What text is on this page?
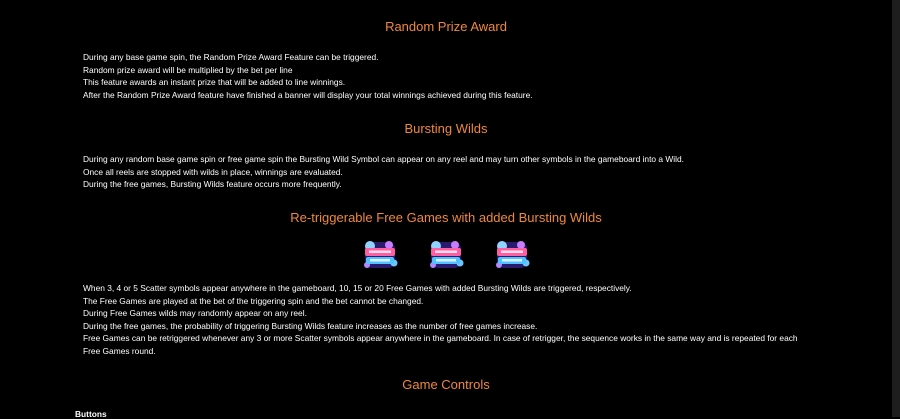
Random Prize Award
During any base game spin, the Random Prize Award Feature can be triggered.
Random prize award will be multiplied by the bet per line
This feature awards an instant prize that will be added to line winnings.
After the Random Prize Award feature have finished a banner will display your total winnings achieved during this feature.
Bursting Wilds
During any random base game spin or free game spin the Bursting Wild Symbol can appear on any reel and may turn other symbols in the gameboard into a Wild.
Once all reels are stopped with wilds in place, winnings are evaluated.
During the free games, Bursting Wilds feature occurs more frequently.
Re-triggerable Free Games with added Bursting Wilds
When 3, 4 or 5 Scatter symbols appear anywhere in the gameboard, 10, 15 or 20 Free Games with added Bursting Wilds are triggered, respectively.
The Free Games are played at the bet of the triggering spin and the bet cannot be changed.
During Free Games wilds may randomly appear on any reel.
During the free games, the probability of triggering Bursting Wilds feature increases as the number of free games increase.
Free Games can be retriggered whenever any 3 or more Scatter symbols appear anywhere in the gameboard. In case of retrigger, the sequence works in the same way and is repeated for each Free Games round.
Game Controls
Buttons
